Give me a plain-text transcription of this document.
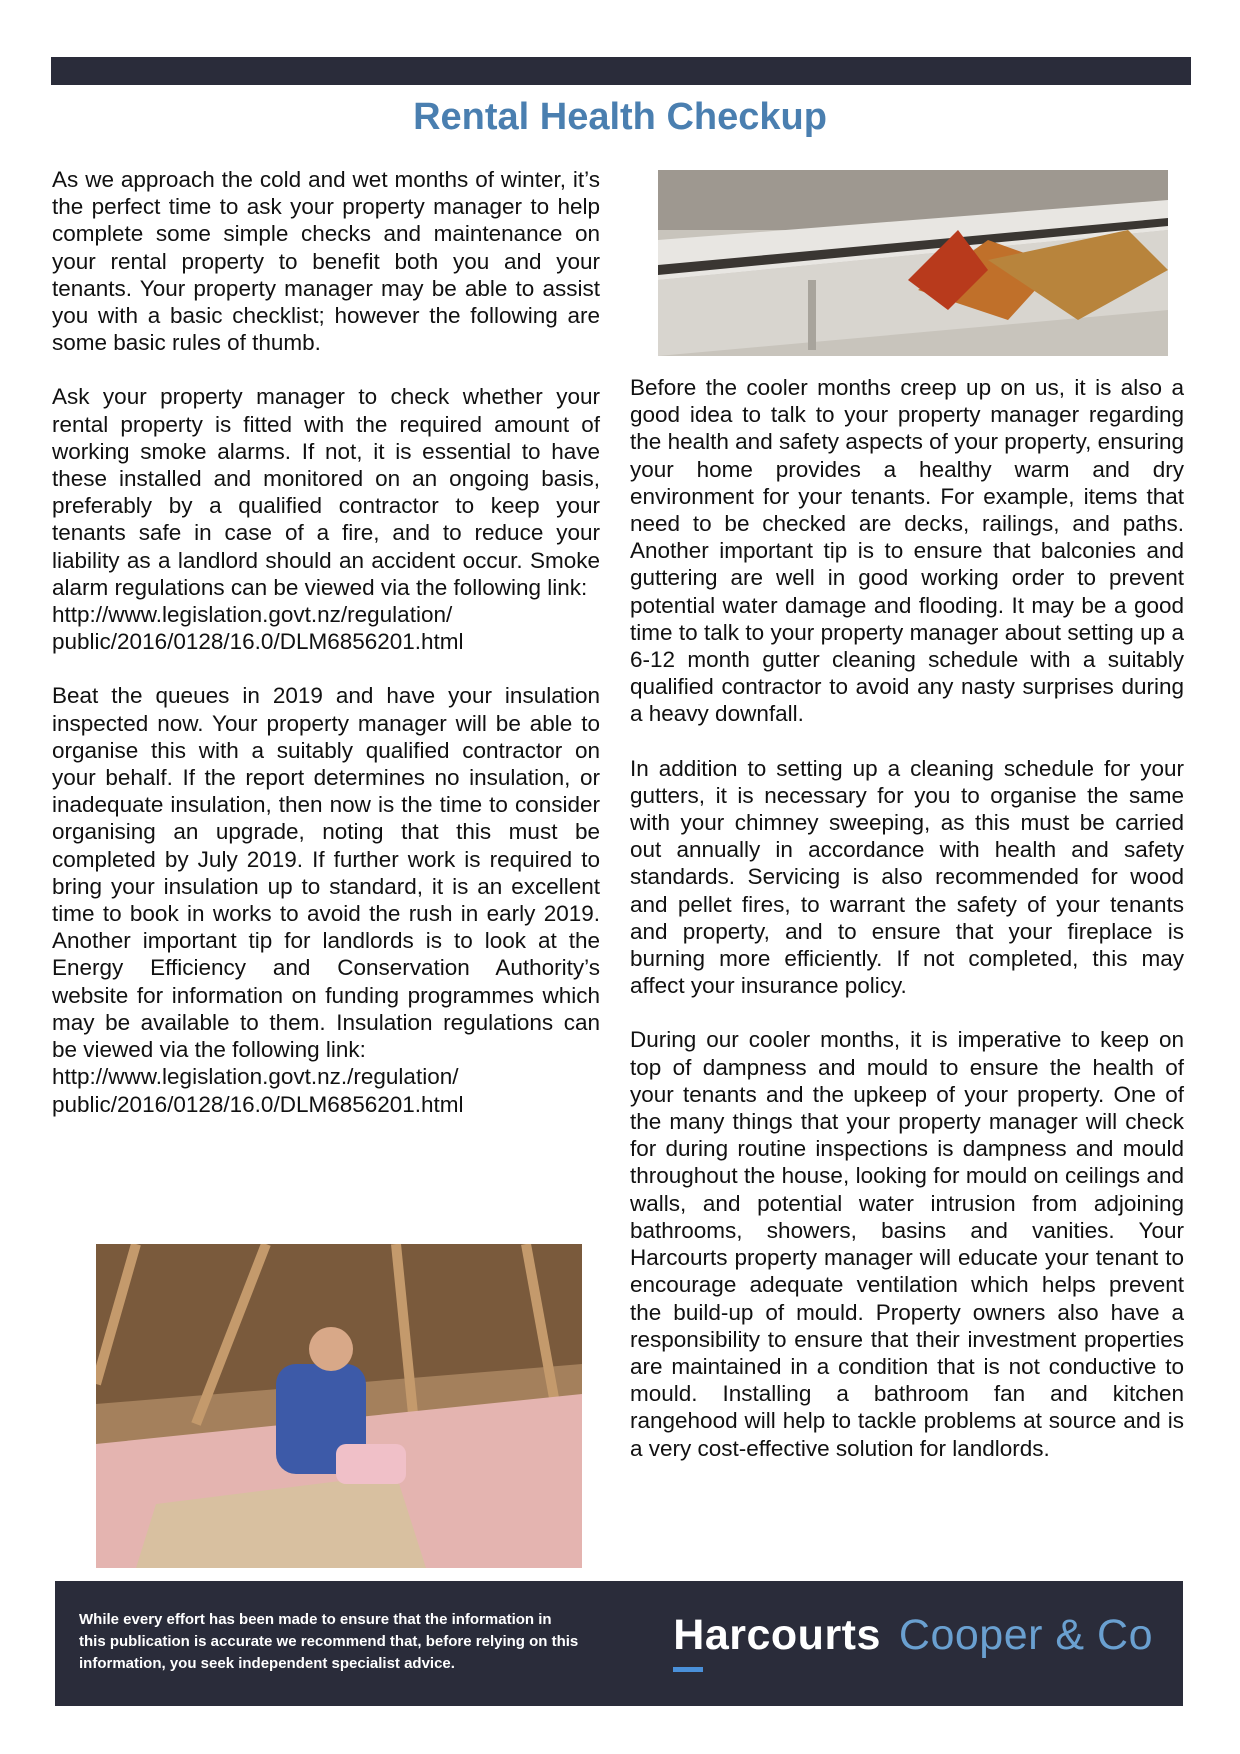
Rental Health Checkup

As we approach the cold and wet months of winter, it’s the perfect time to ask your property manager to help complete some simple checks and maintenance on your rental property to benefit both you and your tenants. Your property manager may be able to assist you with a basic checklist; however the following are some basic rules of thumb.

Ask your property manager to check whether your rental property is fitted with the required amount of working smoke alarms. If not, it is essential to have these installed and monitored on an ongoing basis, preferably by a qualified contractor to keep your tenants safe in case of a fire, and to reduce your liability as a landlord should an accident occur. Smoke alarm regulations can be viewed via the following link:

http://www.legislation.govt.nz/regulation/ public/2016/0128/16.0/DLM6856201.html

Beat the queues in 2019 and have your insulation inspected now. Your property manager will be able to organise this with a suitably qualified contractor on your behalf. If the report determines no insulation, or inadequate insulation, then now is the time to consider organising an upgrade, noting that this must be completed by July 2019. If further work is required to bring your insulation up to standard, it is an excellent time to book in works to avoid the rush in early 2019. Another important tip for landlords is to look at the Energy Efficiency and Conservation Authority’s website for information on funding programmes which may be available to them. Insulation regulations can be viewed via the following link:

http://www.legislation.govt.nz./regulation/ public/2016/0128/16.0/DLM6856201.html

Before the cooler months creep up on us, it is also a good idea to talk to your property manager regarding the health and safety aspects of your property, ensuring your home provides a healthy warm and dry environment for your tenants. For example, items that need to be checked are decks, railings, and paths. Another important tip is to ensure that balconies and guttering are well in good working order to prevent potential water damage and flooding. It may be a good time to talk to your property manager about setting up a 6-12 month gutter cleaning schedule with a suitably qualified contractor to avoid any nasty surprises during a heavy downfall.

In addition to setting up a cleaning schedule for your gutters, it is necessary for you to organise the same with your chimney sweeping, as this must be carried out annually in accordance with health and safety standards. Servicing is also recommended for wood and pellet fires, to warrant the safety of your tenants and property, and to ensure that your fireplace is burning more efficiently. If not completed, this may affect your insurance policy.

During our cooler months, it is imperative to keep on top of dampness and mould to ensure the health of your tenants and the upkeep of your property. One of the many things that your property manager will check for during routine inspections is dampness and mould throughout the house, looking for mould on ceilings and walls, and potential water intrusion from adjoining bathrooms, showers, basins and vanities. Your Harcourts property manager will educate your tenant to encourage adequate ventilation which helps prevent the build-up of mould. Property owners also have a responsibility to ensure that their investment properties are maintained in a condition that is not conductive to mould. Installing a bathroom fan and kitchen rangehood will help to tackle problems at source and is a very cost-effective solution for landlords.

While every effort has been made to ensure that the information in this publication is accurate we recommend that, before relying on this information, you seek independent specialist advice.
Harcourts Cooper & Co
